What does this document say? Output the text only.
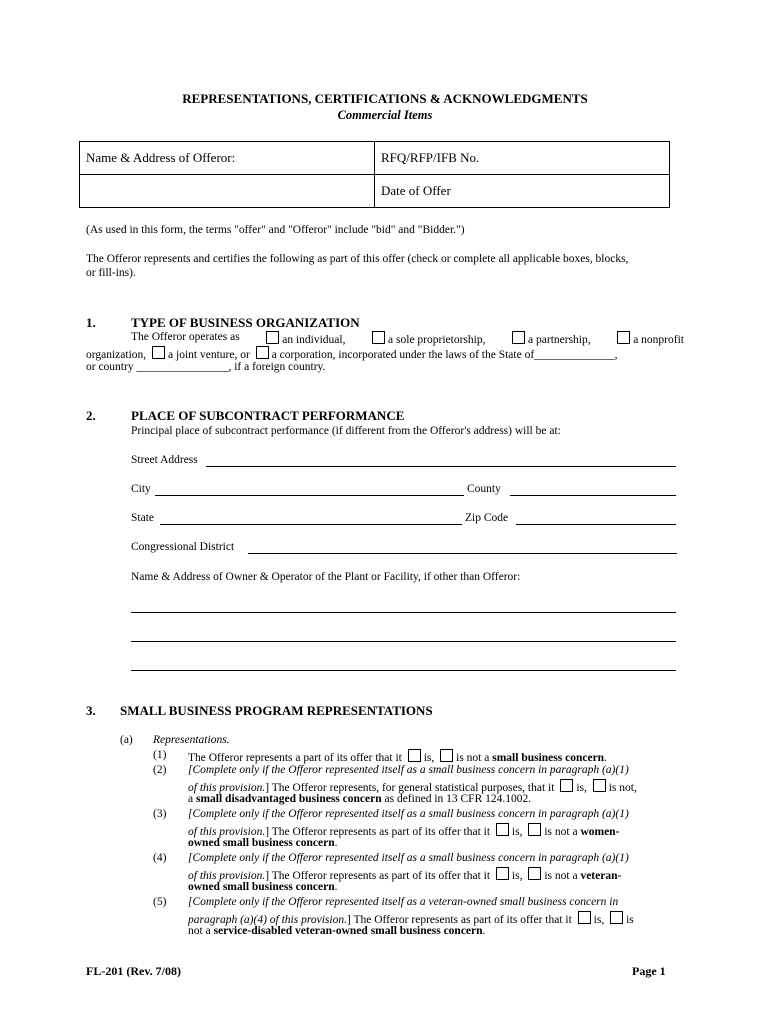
REPRESENTATIONS, CERTIFICATIONS & ACKNOWLEDGMENTS
Commercial Items
Name & Address of Offeror:	RFQ/RFP/IFB No.
	Date of Offer
(As used in this form, the terms "offer" and "Offeror" include "bid" and "Bidder.")
The Offeror represents and certifies the following as part of this offer (check or complete all applicable boxes, blocks,
or fill-ins).
1.	TYPE OF BUSINESS ORGANIZATION
The Offeror operates as	an individual,	a sole proprietorship,	a partnership,	a nonprofit
organization, a joint venture, or a corporation, incorporated under the laws of the State of______________,
or country ________________, if a foreign country.
2.	PLACE OF SUBCONTRACT PERFORMANCE
Principal place of subcontract performance (if different from the Offeror's address) will be at:
Street Address
City	County
State	Zip Code
Congressional District
Name & Address of Owner & Operator of the Plant or Facility, if other than Offeror:
3. SMALL BUSINESS PROGRAM REPRESENTATIONS
(a) Representations.
(1) The Offeror represents a part of its offer that it is, is not a small business concern.
(2) [Complete only if the Offeror represented itself as a small business concern in paragraph (a)(1)
of this provision.] The Offeror represents, for general statistical purposes, that it is, is not,
a small disadvantaged business concern as defined in 13 CFR 124.1002.
(3) [Complete only if the Offeror represented itself as a small business concern in paragraph (a)(1)
of this provision.] The Offeror represents as part of its offer that it is, is not a women-
owned small business concern.
(4) [Complete only if the Offeror represented itself as a small business concern in paragraph (a)(1)
of this provision.] The Offeror represents as part of its offer that it is, is not a veteran-
owned small business concern.
(5) [Complete only if the Offeror represented itself as a veteran-owned small business concern in
paragraph (a)(4) of this provision.] The Offeror represents as part of its offer that it is, is
not a service-disabled veteran-owned small business concern.
FL-201 (Rev. 7/08)	Page 1
